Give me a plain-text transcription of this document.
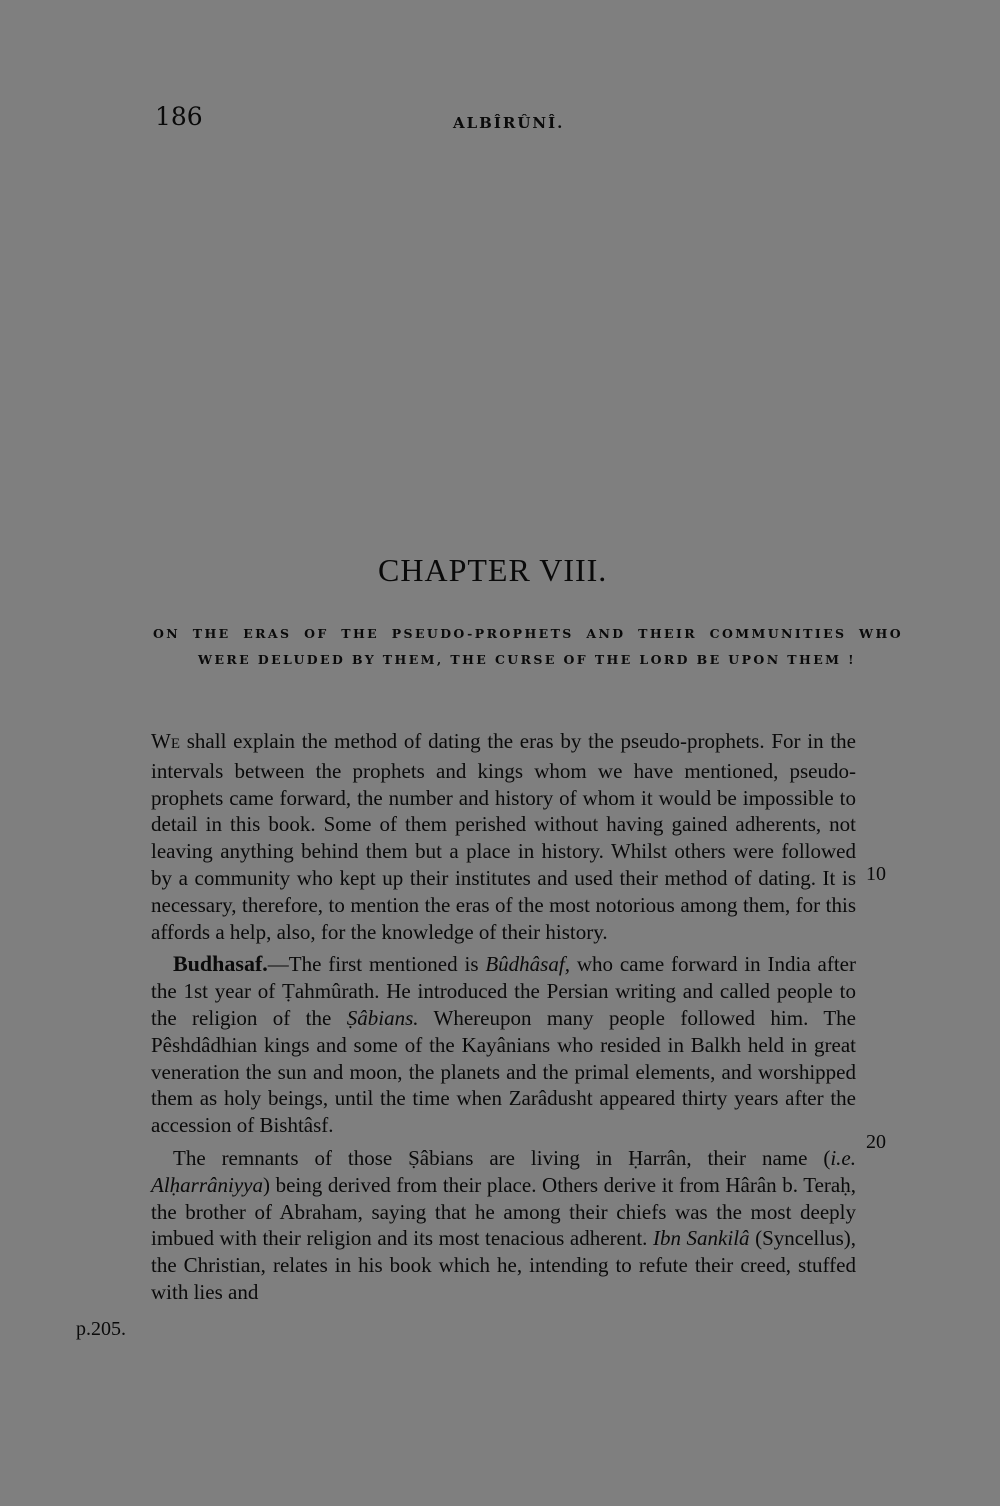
186	ALBÎRÛNÎ.
CHAPTER VIII.
ON THE ERAS OF THE PSEUDO-PROPHETS AND THEIR COMMUNITIES WHO WERE DELUDED BY THEM, THE CURSE OF THE LORD BE UPON THEM !

WE shall explain the method of dating the eras by the pseudo-prophets. For in the intervals between the prophets and kings whom we have mentioned, pseudo-prophets came forward, the number and history of whom it would be impossible to detail in this book. Some of them perished without having gained adherents, not leaving anything behind them but a place in history. Whilst others were followed by a community who kept up their institutes and used their method of dating. It is necessary, therefore, to mention the eras of the most notorious among them, for this affords a help, also, for the knowledge of their history.

Budhasaf.—The first mentioned is Bûdhâsaf, who came forward in India after the 1st year of Ṭahmûrath. He introduced the Persian writing and called people to the religion of the Ṣâbians. Whereupon many people followed him. The Pêshdâdhian kings and some of the Kayânians who resided in Balkh held in great veneration the sun and moon, the planets and the primal elements, and worshipped them as holy beings, until the time when Zarâdusht appeared thirty years after the accession of Bishtâsf.

The remnants of those Ṣâbians are living in Ḥarrân, their name (i.e. Alḥarrâniyya) being derived from their place. Others derive it from Hârân b. Teraḥ, the brother of Abraham, saying that he among their chiefs was the most deeply imbued with their religion and its most tenacious adherent. Ibn Sankilâ (Syncellus), the Christian, relates in his book which he, intending to refute their creed, stuffed with lies and

10
20
p.205.
